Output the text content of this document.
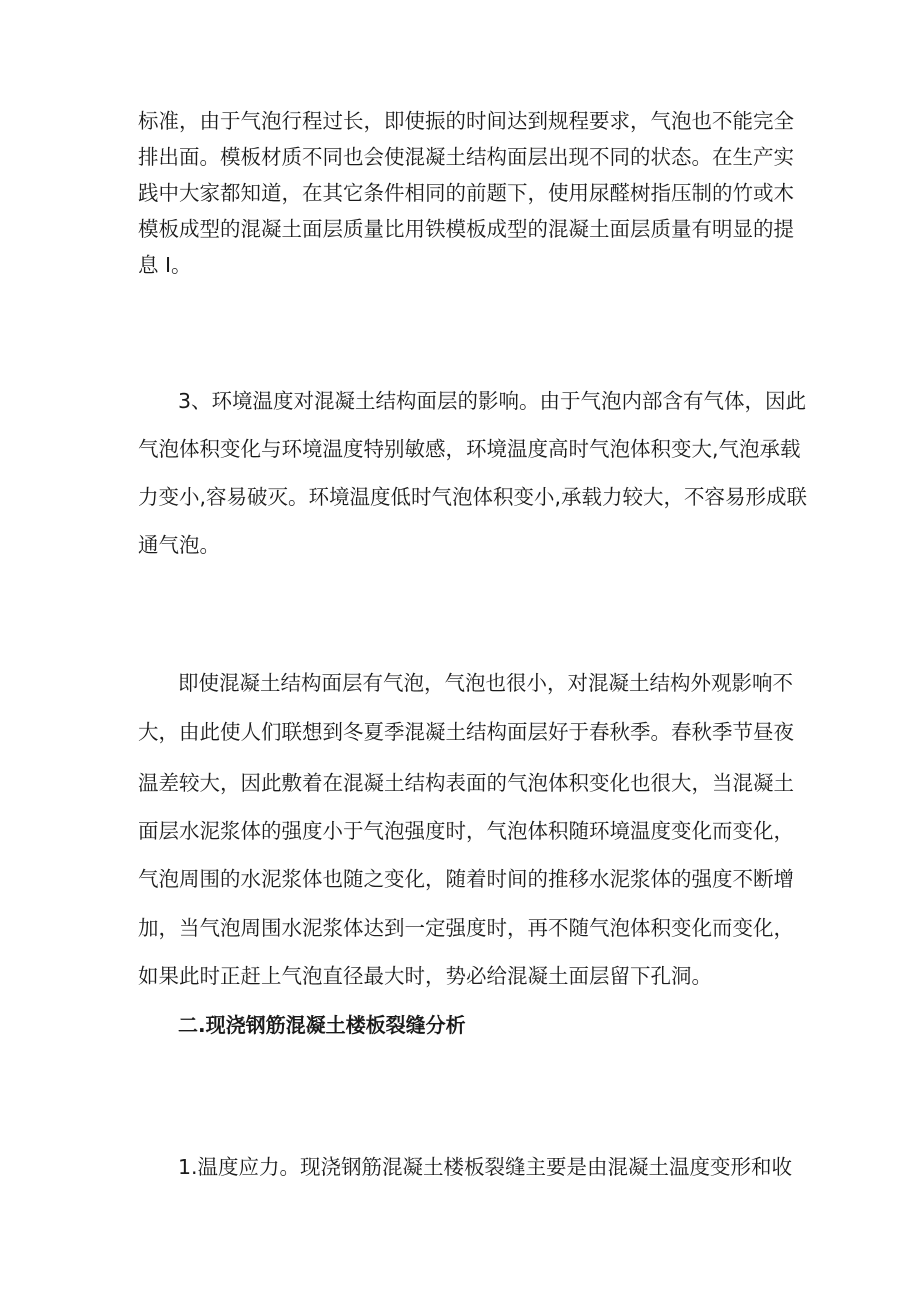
标准，由于气泡行程过长，即使振的时间达到规程要求，气泡也不能完全
排出面。模板材质不同也会使混凝土结构面层出现不同的状态。在生产实
践中大家都知道，在其它条件相同的前题下，使用尿醛树指压制的竹或木
模板成型的混凝土面层质量比用铁模板成型的混凝土面层质量有明显的提
息 I。
3、环境温度对混凝土结构面层的影响。由于气泡内部含有气体，因此
气泡体积变化与环境温度特别敏感，环境温度高时气泡体积变大,气泡承载
力变小,容易破灭。环境温度低时气泡体积变小,承载力较大，不容易形成联
通气泡。
即使混凝土结构面层有气泡，气泡也很小，对混凝土结构外观影响不
大，由此使人们联想到冬夏季混凝土结构面层好于春秋季。春秋季节昼夜
温差较大，因此敷着在混凝土结构表面的气泡体积变化也很大，当混凝土
面层水泥浆体的强度小于气泡强度时，气泡体积随环境温度变化而变化，
气泡周围的水泥浆体也随之变化，随着时间的推移水泥浆体的强度不断增
加，当气泡周围水泥浆体达到一定强度时，再不随气泡体积变化而变化，
如果此时正赶上气泡直径最大时，势必给混凝土面层留下孔洞。
二.现浇钢筋混凝土楼板裂缝分析
1.温度应力。现浇钢筋混凝土楼板裂缝主要是由混凝土温度变形和收
